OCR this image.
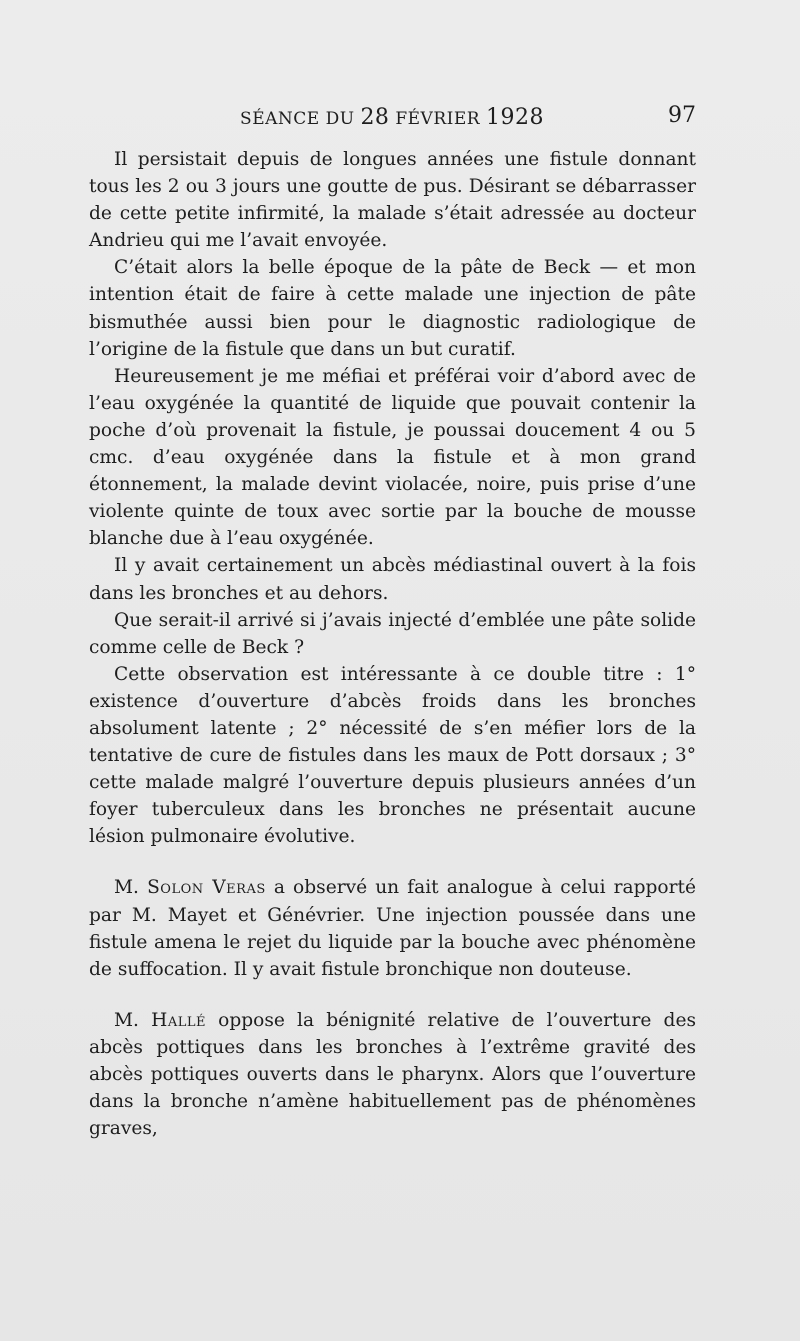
SÉANCE DU 28 FÉVRIER 1928	97

Il persistait depuis de longues années une fistule donnant tous les 2 ou 3 jours une goutte de pus. Désirant se débarrasser de cette petite infirmité, la malade s’était adressée au docteur Andrieu qui me l’avait envoyée.

C’était alors la belle époque de la pâte de Beck — et mon intention était de faire à cette malade une injection de pâte bismuthée aussi bien pour le diagnostic radiologique de l’origine de la fistule que dans un but curatif.

Heureusement je me méfiai et préférai voir d’abord avec de l’eau oxygénée la quantité de liquide que pouvait contenir la poche d’où provenait la fistule, je poussai doucement 4 ou 5 cmc. d’eau oxygénée dans la fistule et à mon grand étonnement, la malade devint violacée, noire, puis prise d’une violente quinte de toux avec sortie par la bouche de mousse blanche due à l’eau oxygénée.

Il y avait certainement un abcès médiastinal ouvert à la fois dans les bronches et au dehors.

Que serait-il arrivé si j’avais injecté d’emblée une pâte solide comme celle de Beck ?

Cette observation est intéressante à ce double titre : 1° existence d’ouverture d’abcès froids dans les bronches absolument latente ; 2° nécessité de s’en méfier lors de la tentative de cure de fistules dans les maux de Pott dorsaux ; 3° cette malade malgré l’ouverture depuis plusieurs années d’un foyer tuberculeux dans les bronches ne présentait aucune lésion pulmonaire évolutive.

M. Solon Veras a observé un fait analogue à celui rapporté par M. Mayet et Génévrier. Une injection poussée dans une fistule amena le rejet du liquide par la bouche avec phénomène de suffocation. Il y avait fistule bronchique non douteuse.

M. Hallé oppose la bénignité relative de l’ouverture des abcès pottiques dans les bronches à l’extrême gravité des abcès pottiques ouverts dans le pharynx. Alors que l’ouverture dans la bronche n’amène habituellement pas de phénomènes graves,
